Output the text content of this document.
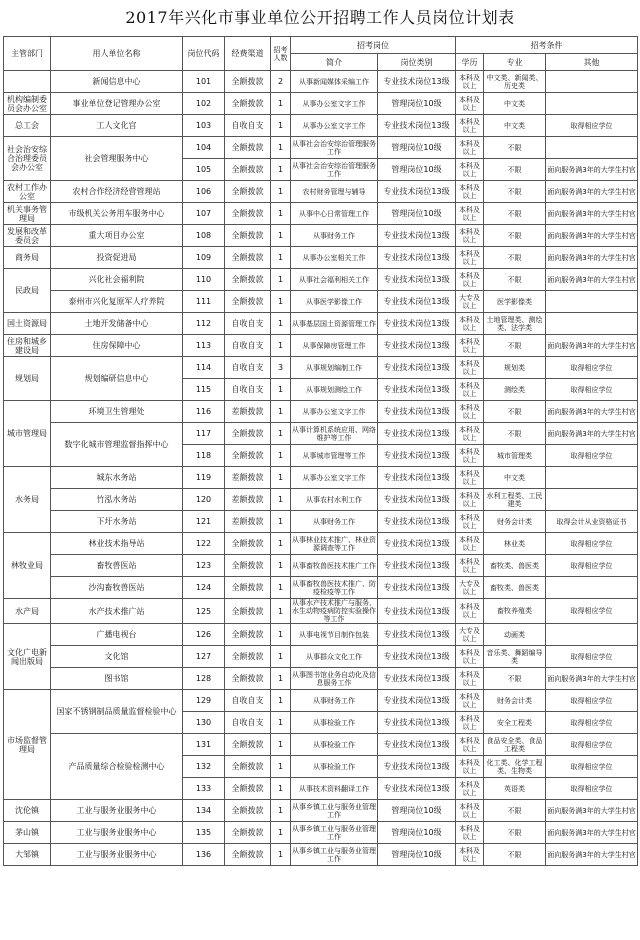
2017年兴化市事业单位公开招聘工作人员岗位计划表
主管部门	用人单位名称	岗位代码	经费渠道	招考人数	招考岗位		招考条件		
					简介	岗位类别	学历	专业	其他
	新闻信息中心	101	全额拨款	2	从事新闻媒体采编工作	专业技术岗位13级	本科及以上	中文类、新闻类、历史类	
机构编制委员会办公室	事业单位登记管理办公室	102	全额拨款	1	从事办公室文字工作	管理岗位10级	本科及以上	中文类	
总工会	工人文化宫	103	自收自支	1	从事办公室文字工作	专业技术岗位13级	本科及以上	中文类	取得相应学位
社会治安综合治理委员会办公室	社会管理服务中心	104	全额拨款	1	从事社会治安综治管理服务工作	管理岗位10级	本科及以上	不限	
		105	全额拨款	1	从事社会治安综治管理服务工作	管理岗位10级	本科及以上	不限	面向服务满3年的大学生村官
农村工作办公室	农村合作经济经营管理站	106	全额拨款	1	农村财务管理与辅导	专业技术岗位13级	本科及以上	不限	面向服务满3年的大学生村官
机关事务管理局	市级机关公务用车服务中心	107	全额拨款	1	从事中心日常管理工作	管理岗位10级	本科及以上	不限	面向服务满3年的大学生村官
发展和改革委员会	重大项目办公室	108	全额拨款	1	从事财务工作	专业技术岗位13级	本科及以上	不限	面向服务满3年的大学生村官
商务局	投资促进局	109	全额拨款	1	从事办公室相关工作	专业技术岗位13级	本科及以上	不限	面向服务满3年的大学生村官
民政局	兴化社会福利院	110	全额拨款	1	从事社会福利相关工作	专业技术岗位13级	本科及以上	不限	面向服务满3年的大学生村官
	泰州市兴化复原军人疗养院	111	全额拨款	1	从事医学影像工作	专业技术岗位13级	大专及以上	医学影像类	
国土资源局	土地开发储备中心	112	自收自支	1	从事基层国土资源管理工作	专业技术岗位13级	本科及以上	土地管理类、测绘类、法学类	
住房和城乡建设局	住房保障中心	113	自收自支	1	从事保障房管理工作	专业技术岗位13级	本科及以上	不限	面向服务满3年的大学生村官
规划局	规划编研信息中心	114	自收自支	3	从事规划编制工作	专业技术岗位13级	本科及以上	规划类	取得相应学位
		115	自收自支	1	从事规划测绘工作	专业技术岗位13级	本科及以上	测绘类	取得相应学位
城市管理局	环境卫生管理处	116	差额拨款	1	从事办公室文字工作	专业技术岗位13级	本科及以上	不限	面向服务满3年的大学生村官
	数字化城市管理监督指挥中心	117	全额拨款	1	从事计算机系统应用、网络维护等工作	专业技术岗位13级	本科及以上	不限	面向服务满3年的大学生村官
		118	全额拨款	1	从事城市管理等工作	专业技术岗位13级	本科及以上	城市管理类	取得相应学位
水务局	城东水务站	119	差额拨款	1	从事办公室文字工作	专业技术岗位13级	本科及以上	中文类	
	竹泓水务站	120	差额拨款	1	从事农村水利工作	专业技术岗位13级	本科及以上	水利工程类、工民建类	
	下圩水务站	121	差额拨款	1	从事财务工作	专业技术岗位13级	本科及以上	财务会计类	取得会计从业资格证书
林牧业局	林业技术指导站	122	全额拨款	1	从事林业技术推广、林业资源调查等工作	专业技术岗位13级	本科及以上	林业类	取得相应学位
	畜牧兽医站	123	全额拨款	1	从事畜牧兽医技术推广工作	专业技术岗位13级	本科及以上	畜牧类、兽医类	取得相应学位
	沙沟畜牧兽医站	124	全额拨款	1	从事畜牧兽医技术推广、防疫检疫等工作	专业技术岗位13级	大专及以上	畜牧类、兽医类	
水产局	水产技术推广站	125	全额拨款	1	从事水产技术推广与服务、水生动物疫病防控实验操作等工作	专业技术岗位13级	本科及以上	畜牧养殖类	取得相应学位
文化广电新闻出版局	广播电视台	126	全额拨款	1	从事电视节目制作包装	专业技术岗位13级	大专及以上	动画类	
	文化馆	127	全额拨款	1	从事群众文化工作	专业技术岗位13级	本科及以上	音乐类、舞蹈编导类	取得相应学位
	图书馆	128	全额拨款	1	从事图书馆业务自动化及信息服务工作	专业技术岗位13级	本科及以上	不限	面向服务满3年的大学生村官
市场监督管理局	国家不锈钢制品质量监督检验中心	129	自收自支	1	从事财务工作	专业技术岗位13级	本科及以上	财务会计类	取得相应学位
		130	自收自支	1	从事检验工作	专业技术岗位13级	本科及以上	安全工程类	取得相应学位
	产品质量综合检验检测中心	131	全额拨款	1	从事检验工作	专业技术岗位13级	本科及以上	食品安全类、食品工程类	取得相应学位
		132	全额拨款	1	从事检验工作	专业技术岗位13级	本科及以上	化工类、化学工程类、生物类	取得相应学位
		133	全额拨款	1	从事技术资料翻译工作	专业技术岗位13级	本科及以上	英语类	取得相应学位
沈伦镇	工业与服务业服务中心	134	全额拨款	1	从事乡镇工业与服务业管理工作	管理岗位10级	本科及以上	不限	面向服务满3年的大学生村官
茅山镇	工业与服务业服务中心	135	全额拨款	1	从事乡镇工业与服务业管理工作	管理岗位10级	本科及以上	不限	面向服务满3年的大学生村官
大邹镇	工业与服务业服务中心	136	全额拨款	1	从事乡镇工业与服务业管理工作	管理岗位10级	本科及以上	不限	面向服务满3年的大学生村官
